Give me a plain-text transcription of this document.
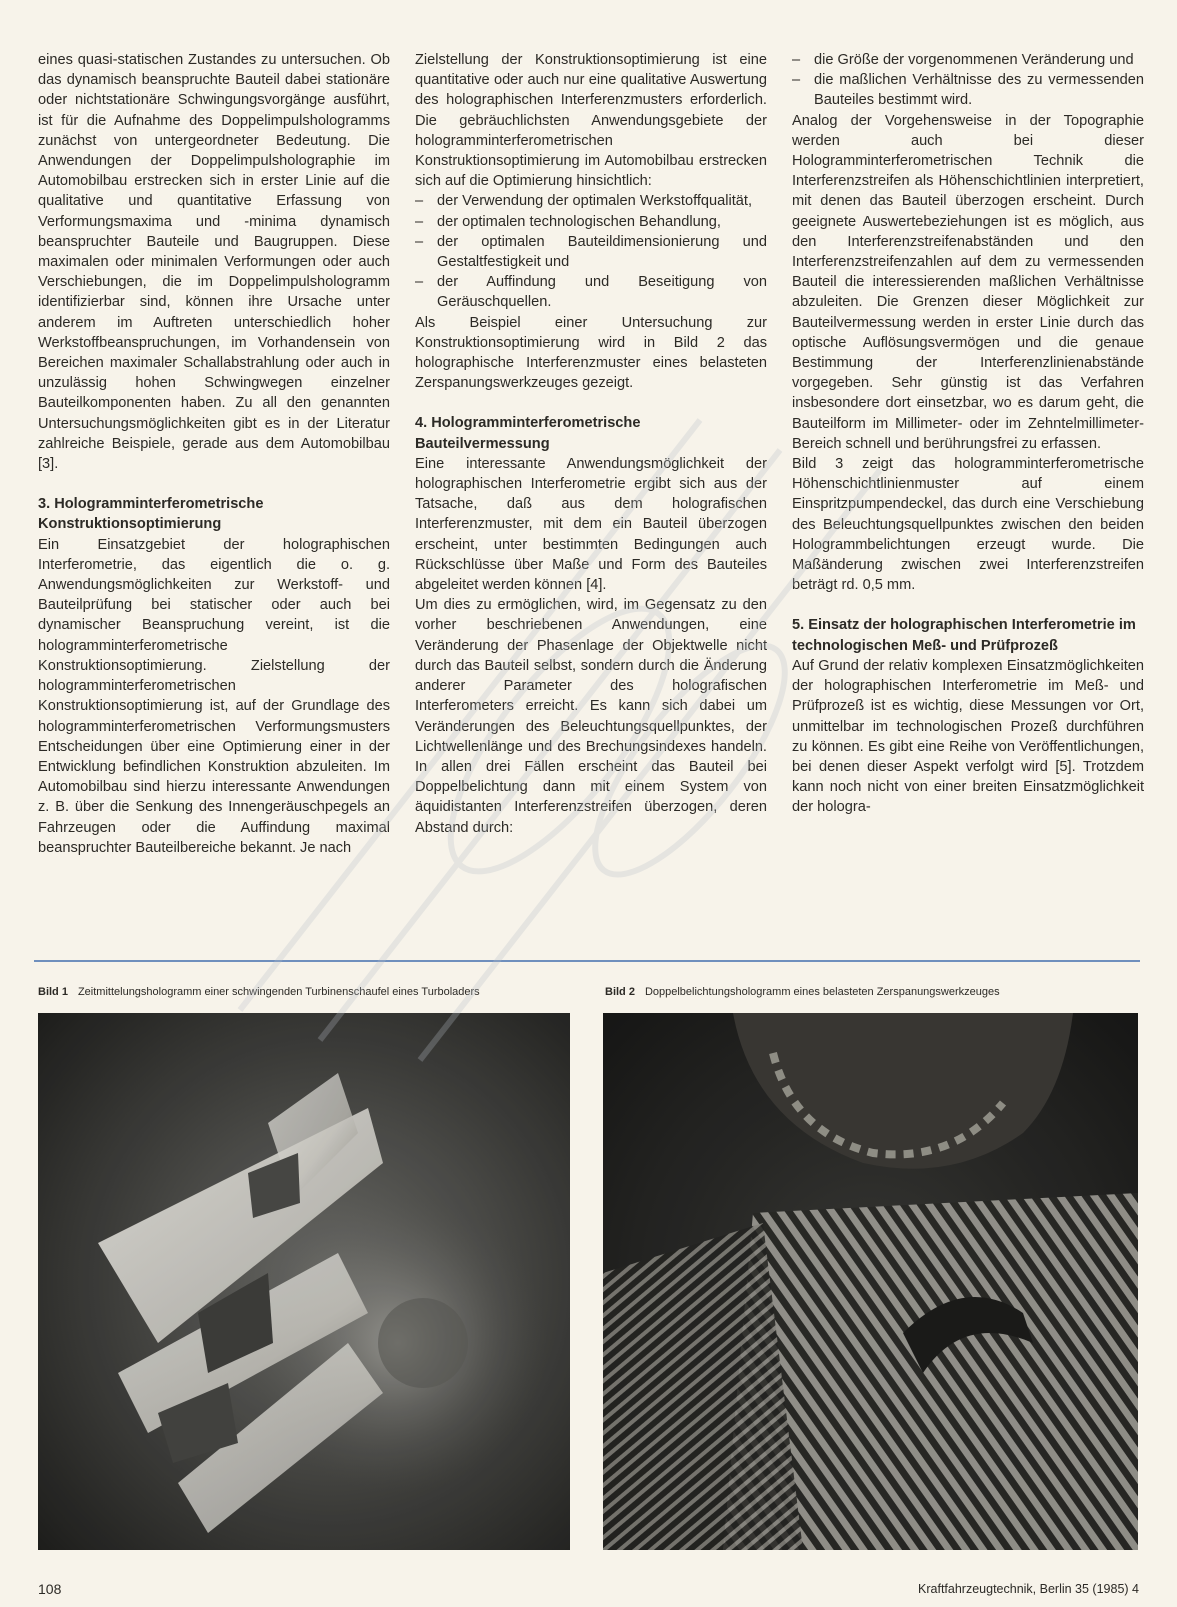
eines quasi-statischen Zustandes zu untersuchen. Ob das dynamisch beanspruchte Bauteil dabei stationäre oder nichtstationäre Schwingungsvorgänge ausführt, ist für die Aufnahme des Doppelimpulshologramms zunächst von untergeordneter Bedeutung. Die Anwendungen der Doppelimpulsholographie im Automobilbau erstrecken sich in erster Linie auf die qualitative und quantitative Erfassung von Verformungsmaxima und -minima dynamisch beanspruchter Bauteile und Baugruppen. Diese maximalen oder minimalen Verformungen oder auch Verschiebungen, die im Doppelimpulshologramm identifizierbar sind, können ihre Ursache unter anderem im Auftreten unterschiedlich hoher Werkstoffbeanspruchungen, im Vorhandensein von Bereichen maximaler Schallabstrahlung oder auch in unzulässig hohen Schwingwegen einzelner Bauteilkomponenten haben. Zu all den genannten Untersuchungsmöglichkeiten gibt es in der Literatur zahlreiche Beispiele, gerade aus dem Automobilbau [3].

3. Hologramminterferometrische Konstruktionsoptimierung

Ein Einsatzgebiet der holographischen Interferometrie, das eigentlich die o. g. Anwendungsmöglichkeiten zur Werkstoff- und Bauteilprüfung bei statischer oder auch bei dynamischer Beanspruchung vereint, ist die hologramminterferometrische Konstruktionsoptimierung. Zielstellung der hologramminterferometrischen Konstruktionsoptimierung ist, auf der Grundlage des hologramminterferometrischen Verformungsmusters Entscheidungen über eine Optimierung einer in der Entwicklung befindlichen Konstruktion abzuleiten. Im Automobilbau sind hierzu interessante Anwendungen z. B. über die Senkung des Innengeräuschpegels an Fahrzeugen oder die Auffindung maximal beanspruchter Bauteilbereiche bekannt. Je nach

Zielstellung der Konstruktionsoptimierung ist eine quantitative oder auch nur eine qualitative Auswertung des holographischen Interferenzmusters erforderlich. Die gebräuchlichsten Anwendungsgebiete der hologramminterferometrischen Konstruktionsoptimierung im Automobilbau erstrecken sich auf die Optimierung hinsichtlich:

– der Verwendung der optimalen Werkstoffqualität,

– der optimalen technologischen Behandlung,

– der optimalen Bauteildimensionierung und Gestaltfestigkeit und

– der Auffindung und Beseitigung von Geräuschquellen.

Als Beispiel einer Untersuchung zur Konstruktionsoptimierung wird in Bild 2 das holographische Interferenzmuster eines belasteten Zerspanungswerkzeuges gezeigt.

4. Hologramminterferometrische Bauteilvermessung

Eine interessante Anwendungsmöglichkeit der holographischen Interferometrie ergibt sich aus der Tatsache, daß aus dem holografischen Interferenzmuster, mit dem ein Bauteil überzogen erscheint, unter bestimmten Bedingungen auch Rückschlüsse über Maße und Form des Bauteiles abgeleitet werden können [4].

Um dies zu ermöglichen, wird, im Gegensatz zu den vorher beschriebenen Anwendungen, eine Veränderung der Phasenlage der Objektwelle nicht durch das Bauteil selbst, sondern durch die Änderung anderer Parameter des holografischen Interferometers erreicht. Es kann sich dabei um Veränderungen des Beleuchtungsquellpunktes, der Lichtwellenlänge und des Brechungsindexes handeln. In allen drei Fällen erscheint das Bauteil bei Doppelbelichtung dann mit einem System von äquidistanten Interferenzstreifen überzogen, deren Abstand durch:

– die Größe der vorgenommenen Veränderung und

– die maßlichen Verhältnisse des zu vermessenden Bauteiles bestimmt wird.

Analog der Vorgehensweise in der Topographie werden auch bei dieser Hologramminterferometrischen Technik die Interferenzstreifen als Höhenschichtlinien interpretiert, mit denen das Bauteil überzogen erscheint. Durch geeignete Auswertebeziehungen ist es möglich, aus den Interferenzstreifenabständen und den Interferenzstreifenzahlen auf dem zu vermessenden Bauteil die interessierenden maßlichen Verhältnisse abzuleiten. Die Grenzen dieser Möglichkeit zur Bauteilvermessung werden in erster Linie durch das optische Auflösungsvermögen und die genaue Bestimmung der Interferenzlinienabstände vorgegeben. Sehr günstig ist das Verfahren insbesondere dort einsetzbar, wo es darum geht, die Bauteilform im Millimeter- oder im Zehntelmillimeter-Bereich schnell und berührungsfrei zu erfassen.

Bild 3 zeigt das hologramminterferometrische Höhenschichtlinienmuster auf einem Einspritzpumpendeckel, das durch eine Verschiebung des Beleuchtungsquellpunktes zwischen den beiden Hologrammbelichtungen erzeugt wurde. Die Maßänderung zwischen zwei Interferenzstreifen beträgt rd. 0,5 mm.

5. Einsatz der holographischen Interferometrie im technologischen Meß- und Prüfprozeß

Auf Grund der relativ komplexen Einsatzmöglichkeiten der holographischen Interferometrie im Meß- und Prüfprozeß ist es wichtig, diese Messungen vor Ort, unmittelbar im technologischen Prozeß durchführen zu können. Es gibt eine Reihe von Veröffentlichungen, bei denen dieser Aspekt verfolgt wird [5]. Trotzdem kann noch nicht von einer breiten Einsatzmöglichkeit der hologra-

Bild 1 Zeitmittelungshologramm einer schwingenden Turbinenschaufel eines Turboladers	Bild 2 Doppelbelichtungshologramm eines belasteten Zerspanungswerkzeuges
108	Kraftfahrzeugtechnik, Berlin 35 (1985) 4
